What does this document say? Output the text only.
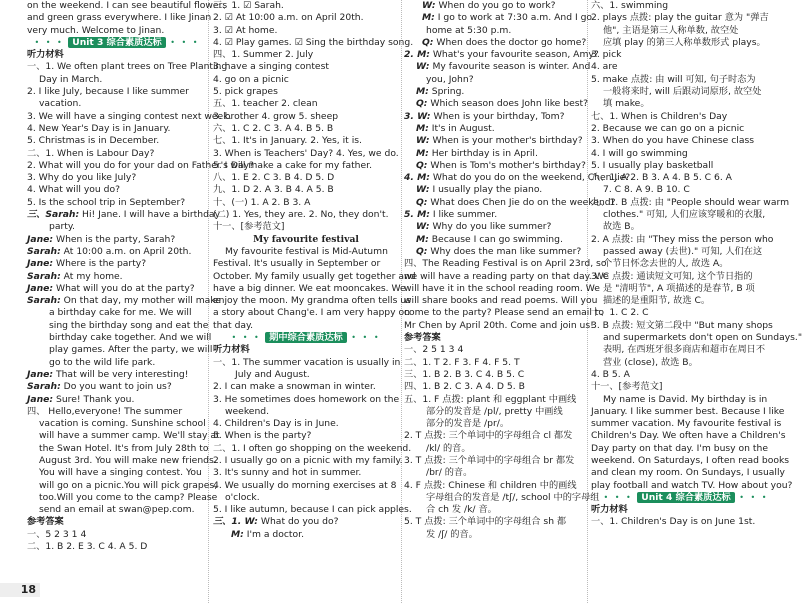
on the weekend. I can see beautiful flowers
and green grass everywhere. I like Jinan
very much. Welcome to Jinan.
• • • Unit 3 综合素质达标 • • •
听力材料
一、1. We often plant trees on Tree Planting
Day in March.
2. I like July, because I like summer
vacation.
3. We will have a singing contest next week.
4. New Year's Day is in January.
5. Christmas is in December.
二、1. When is Labour Day?
2. What will you do for your dad on Father's Day?
3. Why do you like July?
4. What will you do?
5. Is the school trip in September?
三、Sarah: Hi! Jane. I will have a birthday
party.
Jane: When is the party, Sarah?
Sarah: At 10:00 a.m. on April 20th.
Jane: Where is the party?
Sarah: At my home.
Jane: What will you do at the party?
Sarah: On that day, my mother will make
a birthday cake for me. We will
sing the birthday song and eat the
birthday cake together. And we will
play games. After the party, we will
go to the wild life park.
Jane: That will be very interesting!
Sarah: Do you want to join us?
Jane: Sure! Thank you.
四、 Hello,everyone! The summer
vacation is coming. Sunshine school
will have a summer camp. We'll stay at
the Swan Hotel. It's from July 28th to
August 3rd. You will make new friends.
You will have a singing contest. You
will go on a picnic.You will pick grapes,
too.Will you come to the camp? Please
send an email at swan@pep.com.
参考答案
一、5 2 3 1 4
二、1. B 2. E 3. C 4. A 5. D
三、1. ☑ Sarah.
2. ☑ At 10:00 a.m. on April 20th.
3. ☑ At home.
4. ☑ Play games. ☑ Sing the birthday song.
四、1. Summer 2. July
3. have a singing contest
4. go on a picnic
5. pick grapes
五、1. teacher 2. clean
3. brother 4. grow 5. sheep
六、1. C 2. C 3. A 4. B 5. B
七、1. It's in January. 2. Yes, it is.
3. When is Teachers' Day? 4. Yes, we do.
5. I will make a cake for my father.
八、1. E 2. C 3. B 4. D 5. D
九、1. D 2. A 3. B 4. A 5. B
十、(一) 1. A 2. B 3. A
(二) 1. Yes, they are. 2. No, they don't.
十一、[参考范文]
My favourite festival
My favourite festival is Mid-Autumn
Festival. It's usually in September or
October. My family usually get together and
have a big dinner. We eat mooncakes. We
enjoy the moon. My grandma often tells us
a story about Chang'e. I am very happy on
that day.
• • • 期中综合素质达标 • • •
听力材料
一、1. The summer vacation is usually in
July and August.
2. I can make a snowman in winter.
3. He sometimes does homework on the
weekend.
4. Children's Day is in June.
5. When is the party?
二、1. I often go shopping on the weekend.
2. I usually go on a picnic with my family.
3. It's sunny and hot in summer.
4. We usually do morning exercises at 8
o'clock.
5. I like autumn, because I can pick apples.
三、1. W: What do you do?
M: I'm a doctor.
W: When do you go to work?
M: I go to work at 7:30 a.m. And I go
home at 5:30 p.m.
Q: When does the doctor go home?
2. M: What's your favourite season, Amy?
W: My favourite season is winter. And
you, John?
M: Spring.
Q: Which season does John like best?
3. W: When is your birthday, Tom?
M: It's in August.
W: When is your mother's birthday?
M: Her birthday is in April.
Q: When is Tom's mother's birthday?
4. M: What do you do on the weekend, Chen Jie?
W: I usually play the piano.
Q: What does Chen Jie do on the weekend?
5. M: I like summer.
W: Why do you like summer?
M: Because I can go swimming.
Q: Why does the man like summer?
四、The Reading Festival is on April 23rd, so
we will have a reading party on that day. We
will have it in the school reading room. We
will share books and read poems. Will you
come to the party? Please send an email to
Mr Chen by April 20th. Come and join us!
参考答案
一、2 5 1 3 4
二、1. T 2. F 3. F 4. F 5. T
三、1. B 2. B 3. C 4. B 5. C
四、1. B 2. C 3. A 4. D 5. B
五、1. F 点拨: plant 和 eggplant 中画线
部分的发音是 /pl/, pretty 中画线
部分的发音是 /pr/。
2. T 点拨: 三个单词中的字母组合 cl 都发
/kl/ 的音。
3. T 点拨: 三个单词中的字母组合 br 都发
/br/ 的音。
4. F 点拨: Chinese 和 children 中的画线
字母组合的发音是 /tʃ/, school 中的字母组
合 ch 发 /k/ 音。
5. T 点拨: 三个单词中的字母组合 sh 都
发 /ʃ/ 的音。
六、1. swimming
2. plays 点拨: play the guitar 意为 "弹吉
他", 主语是第三人称单数, 故空处
应填 play 的第三人称单数形式 plays。
3. pick
4. are
5. make 点拨: 由 will 可知, 句子时态为
一般将来时, will 后跟动词原形, 故空处
填 make。
七、1. When is Children's Day
2. Because we can go on a picnic
3. When do you have Chinese class
4. I will go swimming
5. I usually play basketball
八、1. A 2. B 3. A 4. B 5. C 6. A
7. C 8. A 9. B 10. C
九、1. B 点拨: 由 "People should wear warm
clothes." 可知, 人们应该穿暖和的衣服,
故选 B。
2. A 点拨: 由 "They miss the person who
passed away (去世)." 可知, 人们在这
个节日怀念去世的人, 故选 A。
3. C 点拨: 通读短文可知, 这个节日指的
是 "清明节", A 项描述的是春节, B 项
描述的是重阳节, 故选 C。
十、1. C 2. C
3. B 点拨: 短文第二段中 "But many shops
and supermarkets don't open on Sundays."
表明, 在西班牙很多商店和超市在周日不
营业 (close), 故选 B。
4. B 5. A
十一、[参考范文]
My name is David. My birthday is in
January. I like summer best. Because I like
summer vacation. My favourite festival is
Children's Day. We often have a Children's
Day party on that day. I'm busy on the
weekend. On Saturdays, I often read books
and clean my room. On Sundays, I usually
play football and watch TV. How about you?
• • • Unit 4 综合素质达标 • • •
听力材料
一、1. Children's Day is on June 1st.
18
